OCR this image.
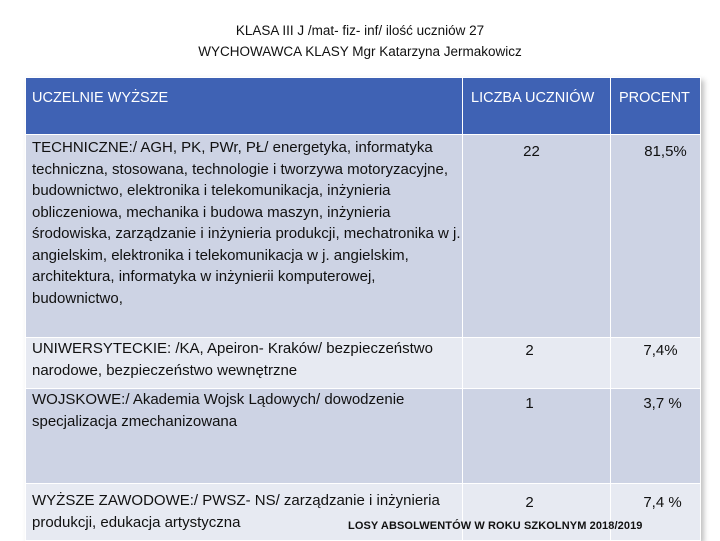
KLASA III J /mat- fiz- inf/ ilość uczniów 27
WYCHOWAWCA KLASY Mgr Katarzyna Jermakowicz
UCZELNIE WYŻSZE	LICZBA UCZNIÓW	PROCENT
TECHNICZNE:/ AGH, PK, PWr, PŁ/ energetyka, informatyka techniczna, stosowana, technologie i tworzywa motoryzacyjne, budownictwo, elektronika i telekomunikacja, inżynieria obliczeniowa, mechanika i budowa maszyn, inżynieria środowiska, zarządzanie i inżynieria produkcji, mechatronika w j. angielskim, elektronika i telekomunikacja w j. angielskim, architektura, informatyka w inżynierii komputerowej, budownictwo,	22	81,5%
UNIWERSYTECKIE: /KA, Apeiron- Kraków/ bezpieczeństwo narodowe, bezpieczeństwo wewnętrzne	2	7,4%
WOJSKOWE:/ Akademia Wojsk Lądowych/ dowodzenie specjalizacja zmechanizowana	1	3,7 %
WYŻSZE ZAWODOWE:/ PWSZ- NS/ zarządzanie i inżynieria produkcji, edukacja artystyczna	2	7,4 %
LOSY ABSOLWENTÓW W ROKU SZKOLNYM 2018/2019
